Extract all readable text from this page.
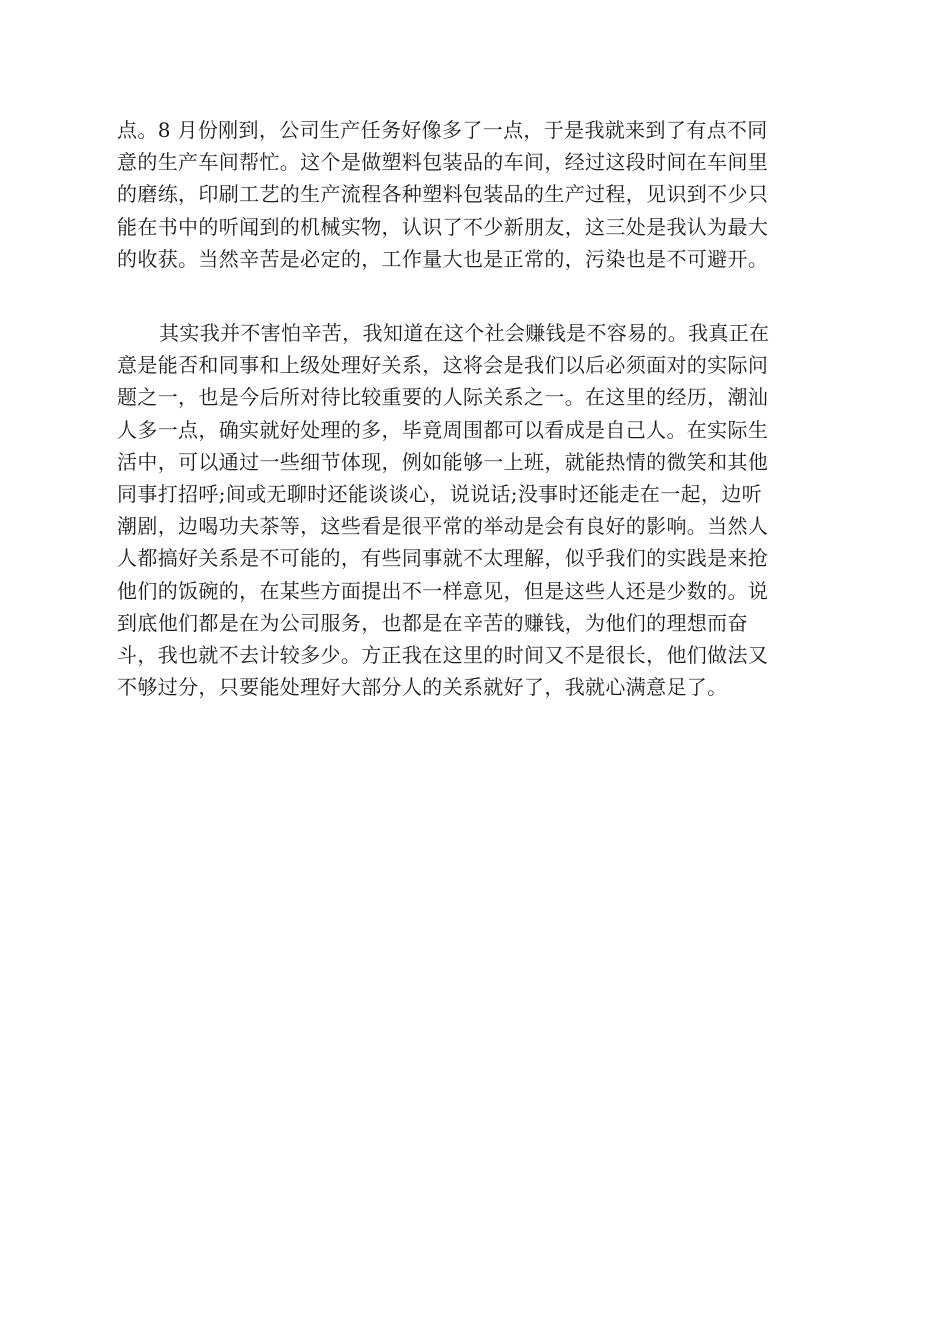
点。8 月份刚到，公司生产任务好像多了一点，于是我就来到了有点不同
意的生产车间帮忙。这个是做塑料包装品的车间，经过这段时间在车间里
的磨练，印刷工艺的生产流程各种塑料包装品的生产过程，见识到不少只
能在书中的听闻到的机械实物，认识了不少新朋友，这三处是我认为最大
的收获。当然辛苦是必定的，工作量大也是正常的，污染也是不可避开。
其实我并不害怕辛苦，我知道在这个社会赚钱是不容易的。我真正在
意是能否和同事和上级处理好关系，这将会是我们以后必须面对的实际问
题之一，也是今后所对待比较重要的人际关系之一。在这里的经历，潮汕
人多一点，确实就好处理的多，毕竟周围都可以看成是自己人。在实际生
活中，可以通过一些细节体现，例如能够一上班，就能热情的微笑和其他
同事打招呼;间或无聊时还能谈谈心，说说话;没事时还能走在一起，边听
潮剧，边喝功夫茶等，这些看是很平常的举动是会有良好的影响。当然人
人都搞好关系是不可能的，有些同事就不太理解，似乎我们的实践是来抢
他们的饭碗的，在某些方面提出不一样意见，但是这些人还是少数的。说
到底他们都是在为公司服务，也都是在辛苦的赚钱，为他们的理想而奋
斗，我也就不去计较多少。方正我在这里的时间又不是很长，他们做法又
不够过分，只要能处理好大部分人的关系就好了，我就心满意足了。
